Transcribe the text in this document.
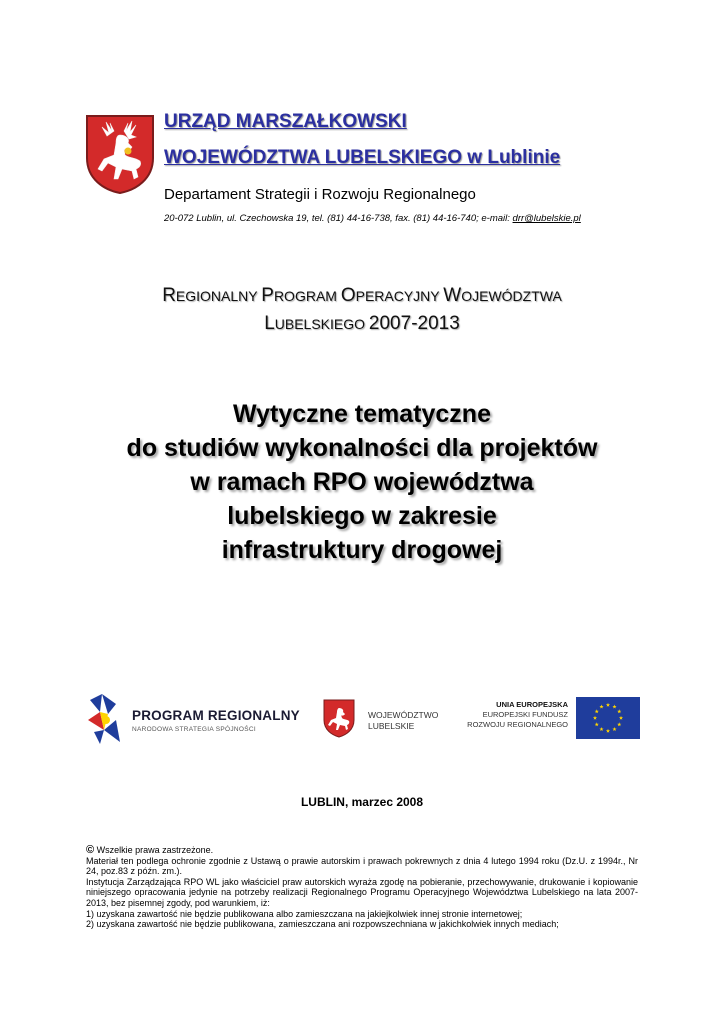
URZĄD MARSZAŁKOWSKI
WOJEWÓDZTWA LUBELSKIEGO w Lublinie
Departament Strategii i Rozwoju Regionalnego
20-072 Lublin, ul. Czechowska 19, tel. (81) 44-16-738, fax. (81) 44-16-740; e-mail: drr@lubelskie.pl
REGIONALNY PROGRAM OPERACYJNY WOJEWÓDZTWA
LUBELSKIEGO 2007-2013
Wytyczne tematyczne
do studiów wykonalności dla projektów
w ramach RPO województwa
lubelskiego w zakresie
infrastruktury drogowej
PROGRAM REGIONALNY
NARODOWA STRATEGIA SPÓJNOŚCI
WOJEWÓDZTWO
LUBELSKIE
UNIA EUROPEJSKA
EUROPEJSKI FUNDUSZ
ROZWOJU REGIONALNEGO
LUBLIN, marzec 2008

© Wszelkie prawa zastrzeżone.

Materiał ten podlega ochronie zgodnie z Ustawą o prawie autorskim i prawach pokrewnych z dnia 4 lutego 1994 roku (Dz.U. z 1994r., Nr 24, poz.83 z późn. zm.).

Instytucja Zarządzająca RPO WL jako właściciel praw autorskich wyraża zgodę na pobieranie, przechowywanie, drukowanie i kopiowanie niniejszego opracowania jedynie na potrzeby realizacji Regionalnego Programu Operacyjnego Województwa Lubelskiego na lata 2007-2013, bez pisemnej zgody, pod warunkiem, iż:

1) uzyskana zawartość nie będzie publikowana albo zamieszczana na jakiejkolwiek innej stronie internetowej;

2) uzyskana zawartość nie będzie publikowana, zamieszczana ani rozpowszechniana w jakichkolwiek innych mediach;
